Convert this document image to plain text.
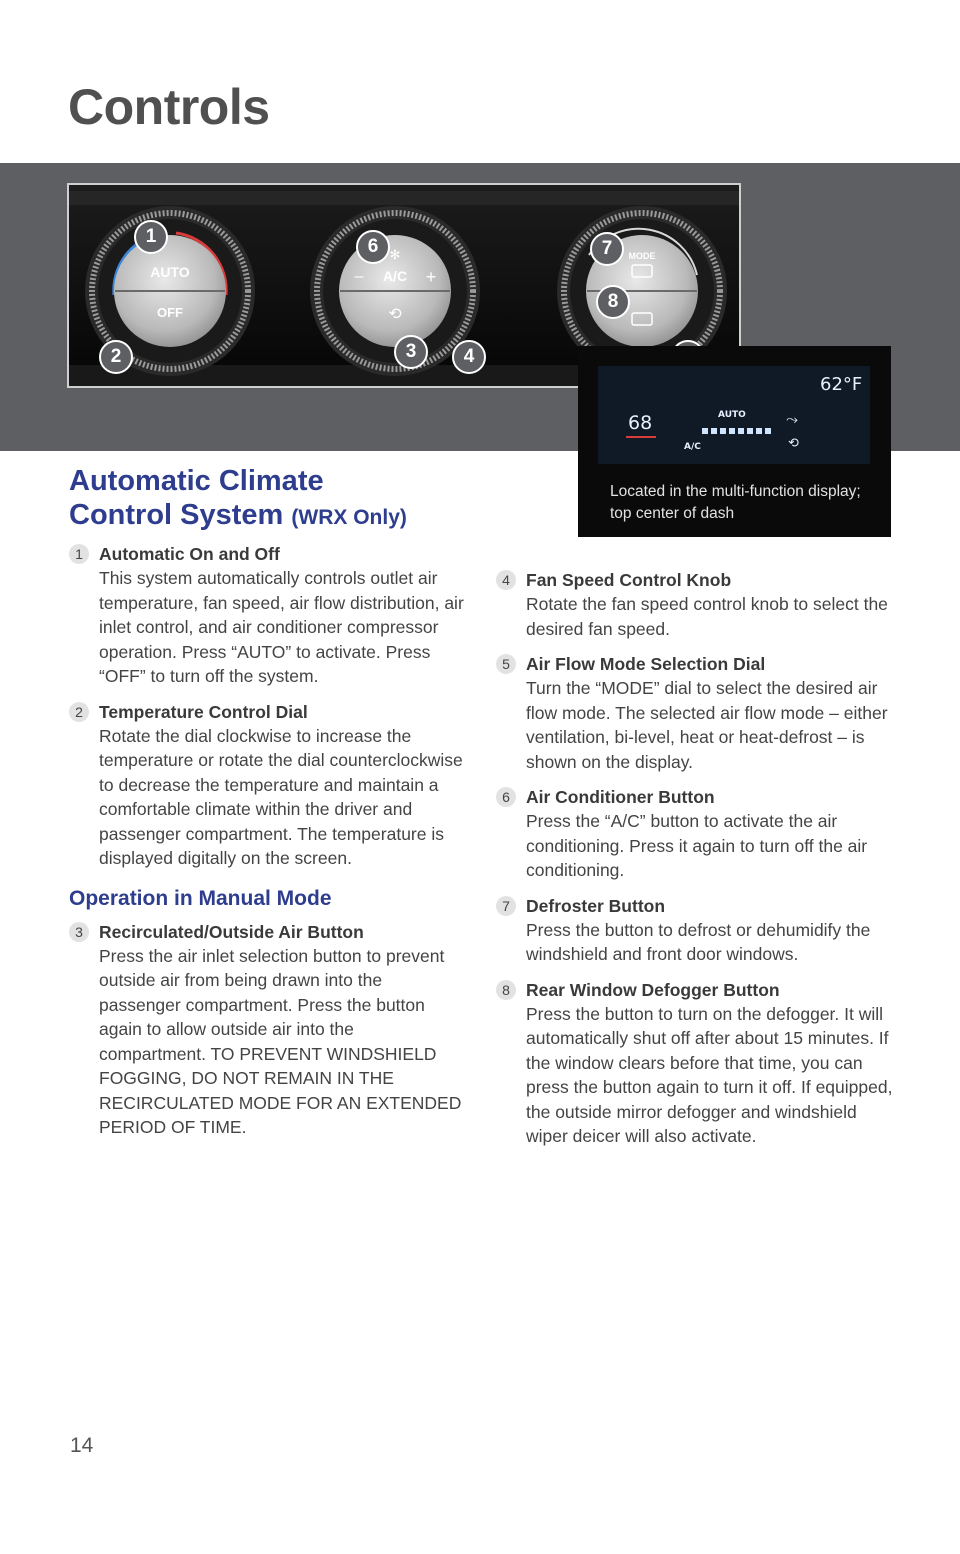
Controls
AUTO
OFF
✻
A/C
–	+
⟲
MODE
1
2	3	4
6	7
8
68
62°F
AUTO
A/C
⤳
⟲
Located in the multi-function display; top center of dash
Automatic Climate
Control System (WRX Only)
1 Automatic On and Off
This system automatically controls outlet air temperature, fan speed, air flow distribution, air inlet control, and air conditioner compressor operation. Press “AUTO” to activate. Press “OFF” to turn off the system.
2 Temperature Control Dial
Rotate the dial clockwise to increase the temperature or rotate the dial counterclockwise to decrease the temperature and maintain a comfortable climate within the driver and passenger compartment. The temperature is displayed digitally on the screen.
Operation in Manual Mode
3 Recirculated/Outside Air Button
Press the air inlet selection button to prevent outside air from being drawn into the passenger compartment. Press the button again to allow outside air into the compartment. TO PREVENT WINDSHIELD FOGGING, DO NOT REMAIN IN THE RECIRCULATED MODE FOR AN EXTENDED PERIOD OF TIME.
4 Fan Speed Control Knob
Rotate the fan speed control knob to select the desired fan speed.
5 Air Flow Mode Selection Dial
Turn the “MODE” dial to select the desired air flow mode. The selected air flow mode – either ventilation, bi-level, heat or heat-defrost – is shown on the display.
6 Air Conditioner Button
Press the “A/C” button to activate the air conditioning. Press it again to turn off the air conditioning.
7 Defroster Button
Press the button to defrost or dehumidify the windshield and front door windows.
8 Rear Window Defogger Button
Press the button to turn on the defogger. It will automatically shut off after about 15 minutes. If the window clears before that time, you can press the button again to turn it off. If equipped, the outside mirror defogger and windshield wiper deicer will also activate.
14
